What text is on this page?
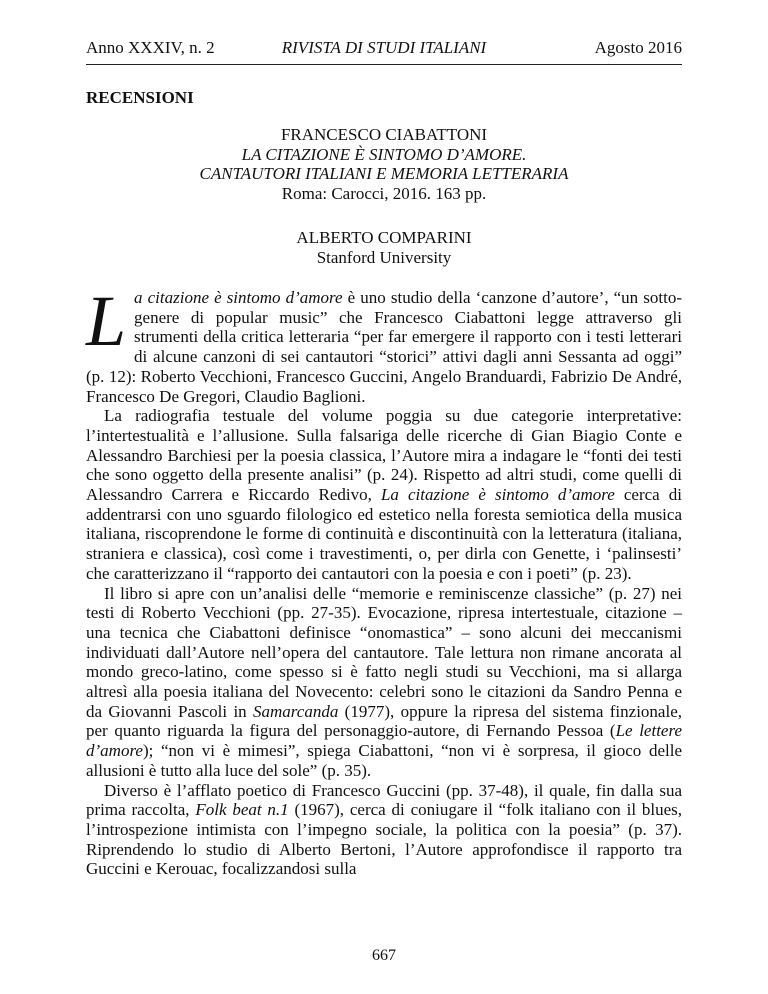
Anno XXXIV, n. 2	RIVISTA DI STUDI ITALIANI	Agosto 2016
RECENSIONI
FRANCESCO CIABATTONI
LA CITAZIONE È SINTOMO D’AMORE.
CANTAUTORI ITALIANI E MEMORIA LETTERARIA
Roma: Carocci, 2016. 163 pp.
ALBERTO COMPARINI
Stanford University

La citazione è sintomo d’amore è uno studio della ‘canzone d’autore’, “un sotto-genere di popular music” che Francesco Ciabattoni legge attraverso gli strumenti della critica letteraria “per far emergere il rapporto con i testi letterari di alcune canzoni di sei cantautori “storici” attivi dagli anni Sessanta ad oggi” (p. 12): Roberto Vecchioni, Francesco Guccini, Angelo Branduardi, Fabrizio De André, Francesco De Gregori, Claudio Baglioni.

La radiografia testuale del volume poggia su due categorie interpretative: l’intertestualità e l’allusione. Sulla falsariga delle ricerche di Gian Biagio Conte e Alessandro Barchiesi per la poesia classica, l’Autore mira a indagare le “fonti dei testi che sono oggetto della presente analisi” (p. 24). Rispetto ad altri studi, come quelli di Alessandro Carrera e Riccardo Redivo, La citazione è sintomo d’amore cerca di addentrarsi con uno sguardo filologico ed estetico nella foresta semiotica della musica italiana, riscoprendone le forme di continuità e discontinuità con la letteratura (italiana, straniera e classica), così come i travestimenti, o, per dirla con Genette, i ‘palinsesti’ che caratterizzano il “rapporto dei cantautori con la poesia e con i poeti” (p. 23).

Il libro si apre con un’analisi delle “memorie e reminiscenze classiche” (p. 27) nei testi di Roberto Vecchioni (pp. 27-35). Evocazione, ripresa intertestuale, citazione – una tecnica che Ciabattoni definisce “onomastica” – sono alcuni dei meccanismi individuati dall’Autore nell’opera del cantautore. Tale lettura non rimane ancorata al mondo greco-latino, come spesso si è fatto negli studi su Vecchioni, ma si allarga altresì alla poesia italiana del Novecento: celebri sono le citazioni da Sandro Penna e da Giovanni Pascoli in Samarcanda (1977), oppure la ripresa del sistema finzionale, per quanto riguarda la figura del personaggio-autore, di Fernando Pessoa (Le lettere d’amore); “non vi è mimesi”, spiega Ciabattoni, “non vi è sorpresa, il gioco delle allusioni è tutto alla luce del sole” (p. 35).

Diverso è l’afflato poetico di Francesco Guccini (pp. 37-48), il quale, fin dalla sua prima raccolta, Folk beat n.1 (1967), cerca di coniugare il “folk italiano con il blues, l’introspezione intimista con l’impegno sociale, la politica con la poesia” (p. 37). Riprendendo lo studio di Alberto Bertoni, l’Autore approfondisce il rapporto tra Guccini e Kerouac, focalizzandosi sulla

667
